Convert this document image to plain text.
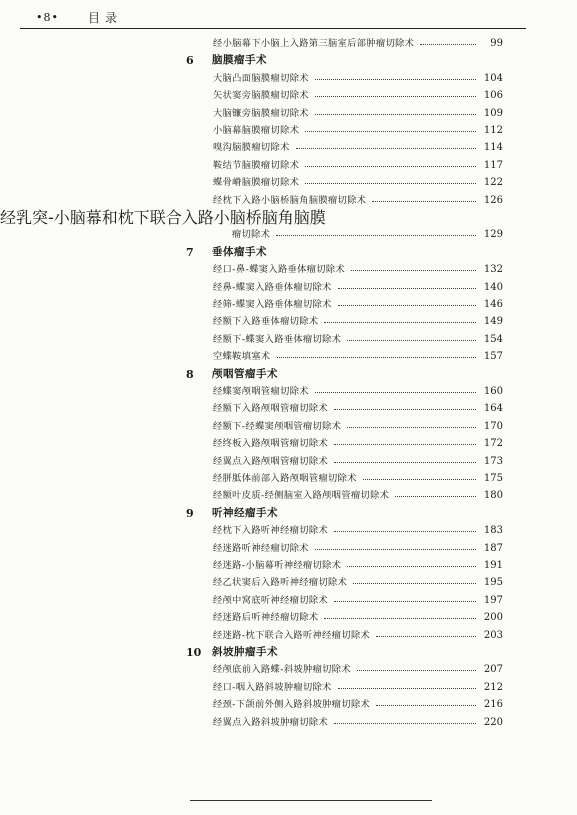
•8•	目录
经小脑幕下小脑上入路第三脑室后部肿瘤切除术	99
6	脑膜瘤手术
大脑凸面脑膜瘤切除术	104
矢状窦旁脑膜瘤切除术	106
大脑镰旁脑膜瘤切除术	109
小脑幕脑膜瘤切除术	112
嗅沟脑膜瘤切除术	114
鞍结节脑膜瘤切除术	117
蝶骨嵴脑膜瘤切除术	122
经枕下入路小脑桥脑角脑膜瘤切除术	126
经乳突-小脑幕和枕下联合入路小脑桥脑角脑膜
瘤切除术	129
7	垂体瘤手术
经口-鼻-蝶窦入路垂体瘤切除术	132
经鼻-蝶窦入路垂体瘤切除术	140
经筛-蝶窦入路垂体瘤切除术	146
经额下入路垂体瘤切除术	149
经额下-蝶窦入路垂体瘤切除术	154
空蝶鞍填塞术	157
8	颅咽管瘤手术
经蝶窦颅咽管瘤切除术	160
经额下入路颅咽管瘤切除术	164
经额下-经蝶窦颅咽管瘤切除术	170
经终板入路颅咽管瘤切除术	172
经翼点入路颅咽管瘤切除术	173
经胼胝体前部入路颅咽管瘤切除术	175
经额叶皮质-经侧脑室入路颅咽管瘤切除术	180
9	听神经瘤手术
经枕下入路听神经瘤切除术	183
经迷路听神经瘤切除术	187
经迷路-小脑幕听神经瘤切除术	191
经乙状窦后入路听神经瘤切除术	195
经颅中窝底听神经瘤切除术	197
经迷路后听神经瘤切除术	200
经迷路-枕下联合入路听神经瘤切除术	203
10	斜坡肿瘤手术
经颅底前入路蝶-斜坡肿瘤切除术	207
经口-咽入路斜坡肿瘤切除术	212
经颈-下颌前外侧入路斜坡肿瘤切除术	216
经翼点入路斜坡肿瘤切除术	220
